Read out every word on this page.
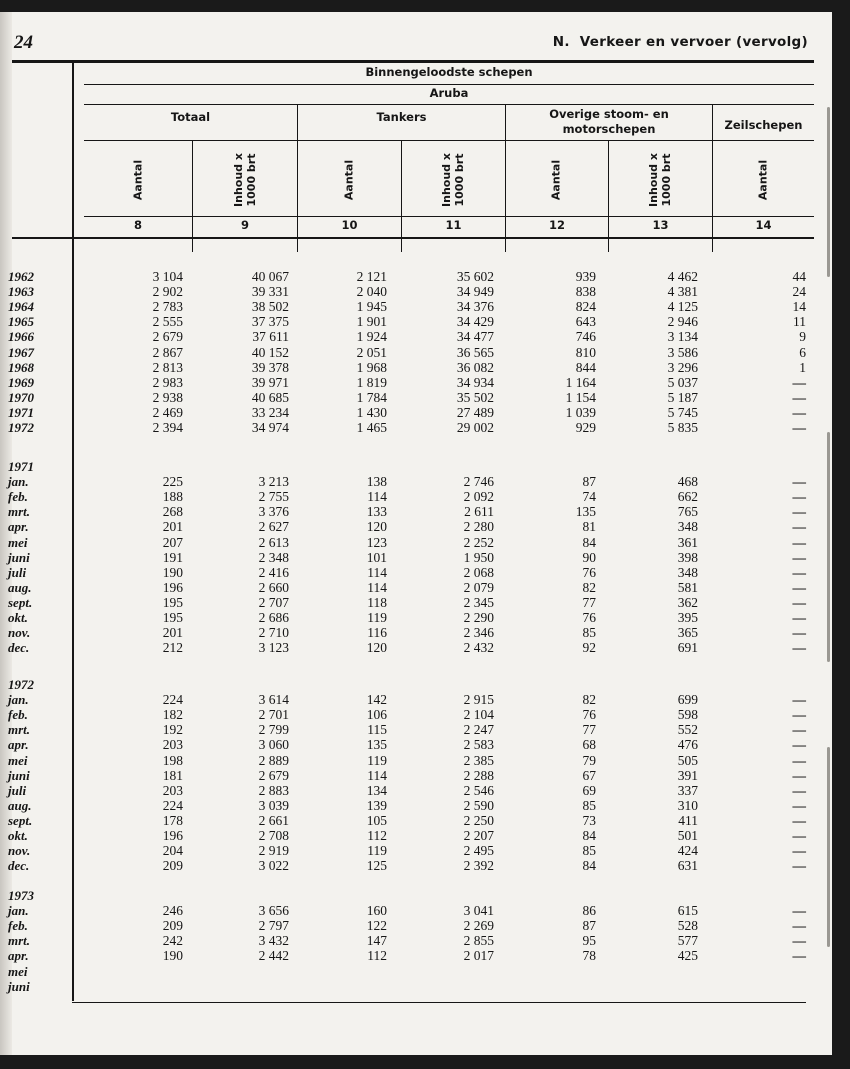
24	N. Verkeer en vervoer (vervolg)
Binnengeloodste schepen
Aruba
Totaal	Tankers	Overige stoom- en motorschepen	Zeilschepen
Aantal	Inhoud x 1000 brt	Aantal	Inhoud x 1000 brt	Aantal	Inhoud x 1000 brt	Aantal
8	9	10	11	12	13	14
1962	3 104	40 067	2 121	35 602	939	4 462	44
1963	2 902	39 331	2 040	34 949	838	4 381	24
1964	2 783	38 502	1 945	34 376	824	4 125	14
1965	2 555	37 375	1 901	34 429	643	2 946	11
1966	2 679	37 611	1 924	34 477	746	3 134	9
1967	2 867	40 152	2 051	36 565	810	3 586	6
1968	2 813	39 378	1 968	36 082	844	3 296	1
1969	2 983	39 971	1 819	34 934	1 164	5 037	—
1970	2 938	40 685	1 784	35 502	1 154	5 187	—
1971	2 469	33 234	1 430	27 489	1 039	5 745	—
1972	2 394	34 974	1 465	29 002	929	5 835	—
1971
jan.	225	3 213	138	2 746	87	468	—
feb.	188	2 755	114	2 092	74	662	—
mrt.	268	3 376	133	2 611	135	765	—
apr.	201	2 627	120	2 280	81	348	—
mei	207	2 613	123	2 252	84	361	—
juni	191	2 348	101	1 950	90	398	—
juli	190	2 416	114	2 068	76	348	—
aug.	196	2 660	114	2 079	82	581	—
sept.	195	2 707	118	2 345	77	362	—
okt.	195	2 686	119	2 290	76	395	—
nov.	201	2 710	116	2 346	85	365	—
dec.	212	3 123	120	2 432	92	691	—
1972
jan.	224	3 614	142	2 915	82	699	—
feb.	182	2 701	106	2 104	76	598	—
mrt.	192	2 799	115	2 247	77	552	—
apr.	203	3 060	135	2 583	68	476	—
mei	198	2 889	119	2 385	79	505	—
juni	181	2 679	114	2 288	67	391	—
juli	203	2 883	134	2 546	69	337	—
aug.	224	3 039	139	2 590	85	310	—
sept.	178	2 661	105	2 250	73	411	—
okt.	196	2 708	112	2 207	84	501	—
nov.	204	2 919	119	2 495	85	424	—
dec.	209	3 022	125	2 392	84	631	—
1973
jan.	246	3 656	160	3 041	86	615	—
feb.	209	2 797	122	2 269	87	528	—
mrt.	242	3 432	147	2 855	95	577	—
apr.	190	2 442	112	2 017	78	425	—
mei
juni
